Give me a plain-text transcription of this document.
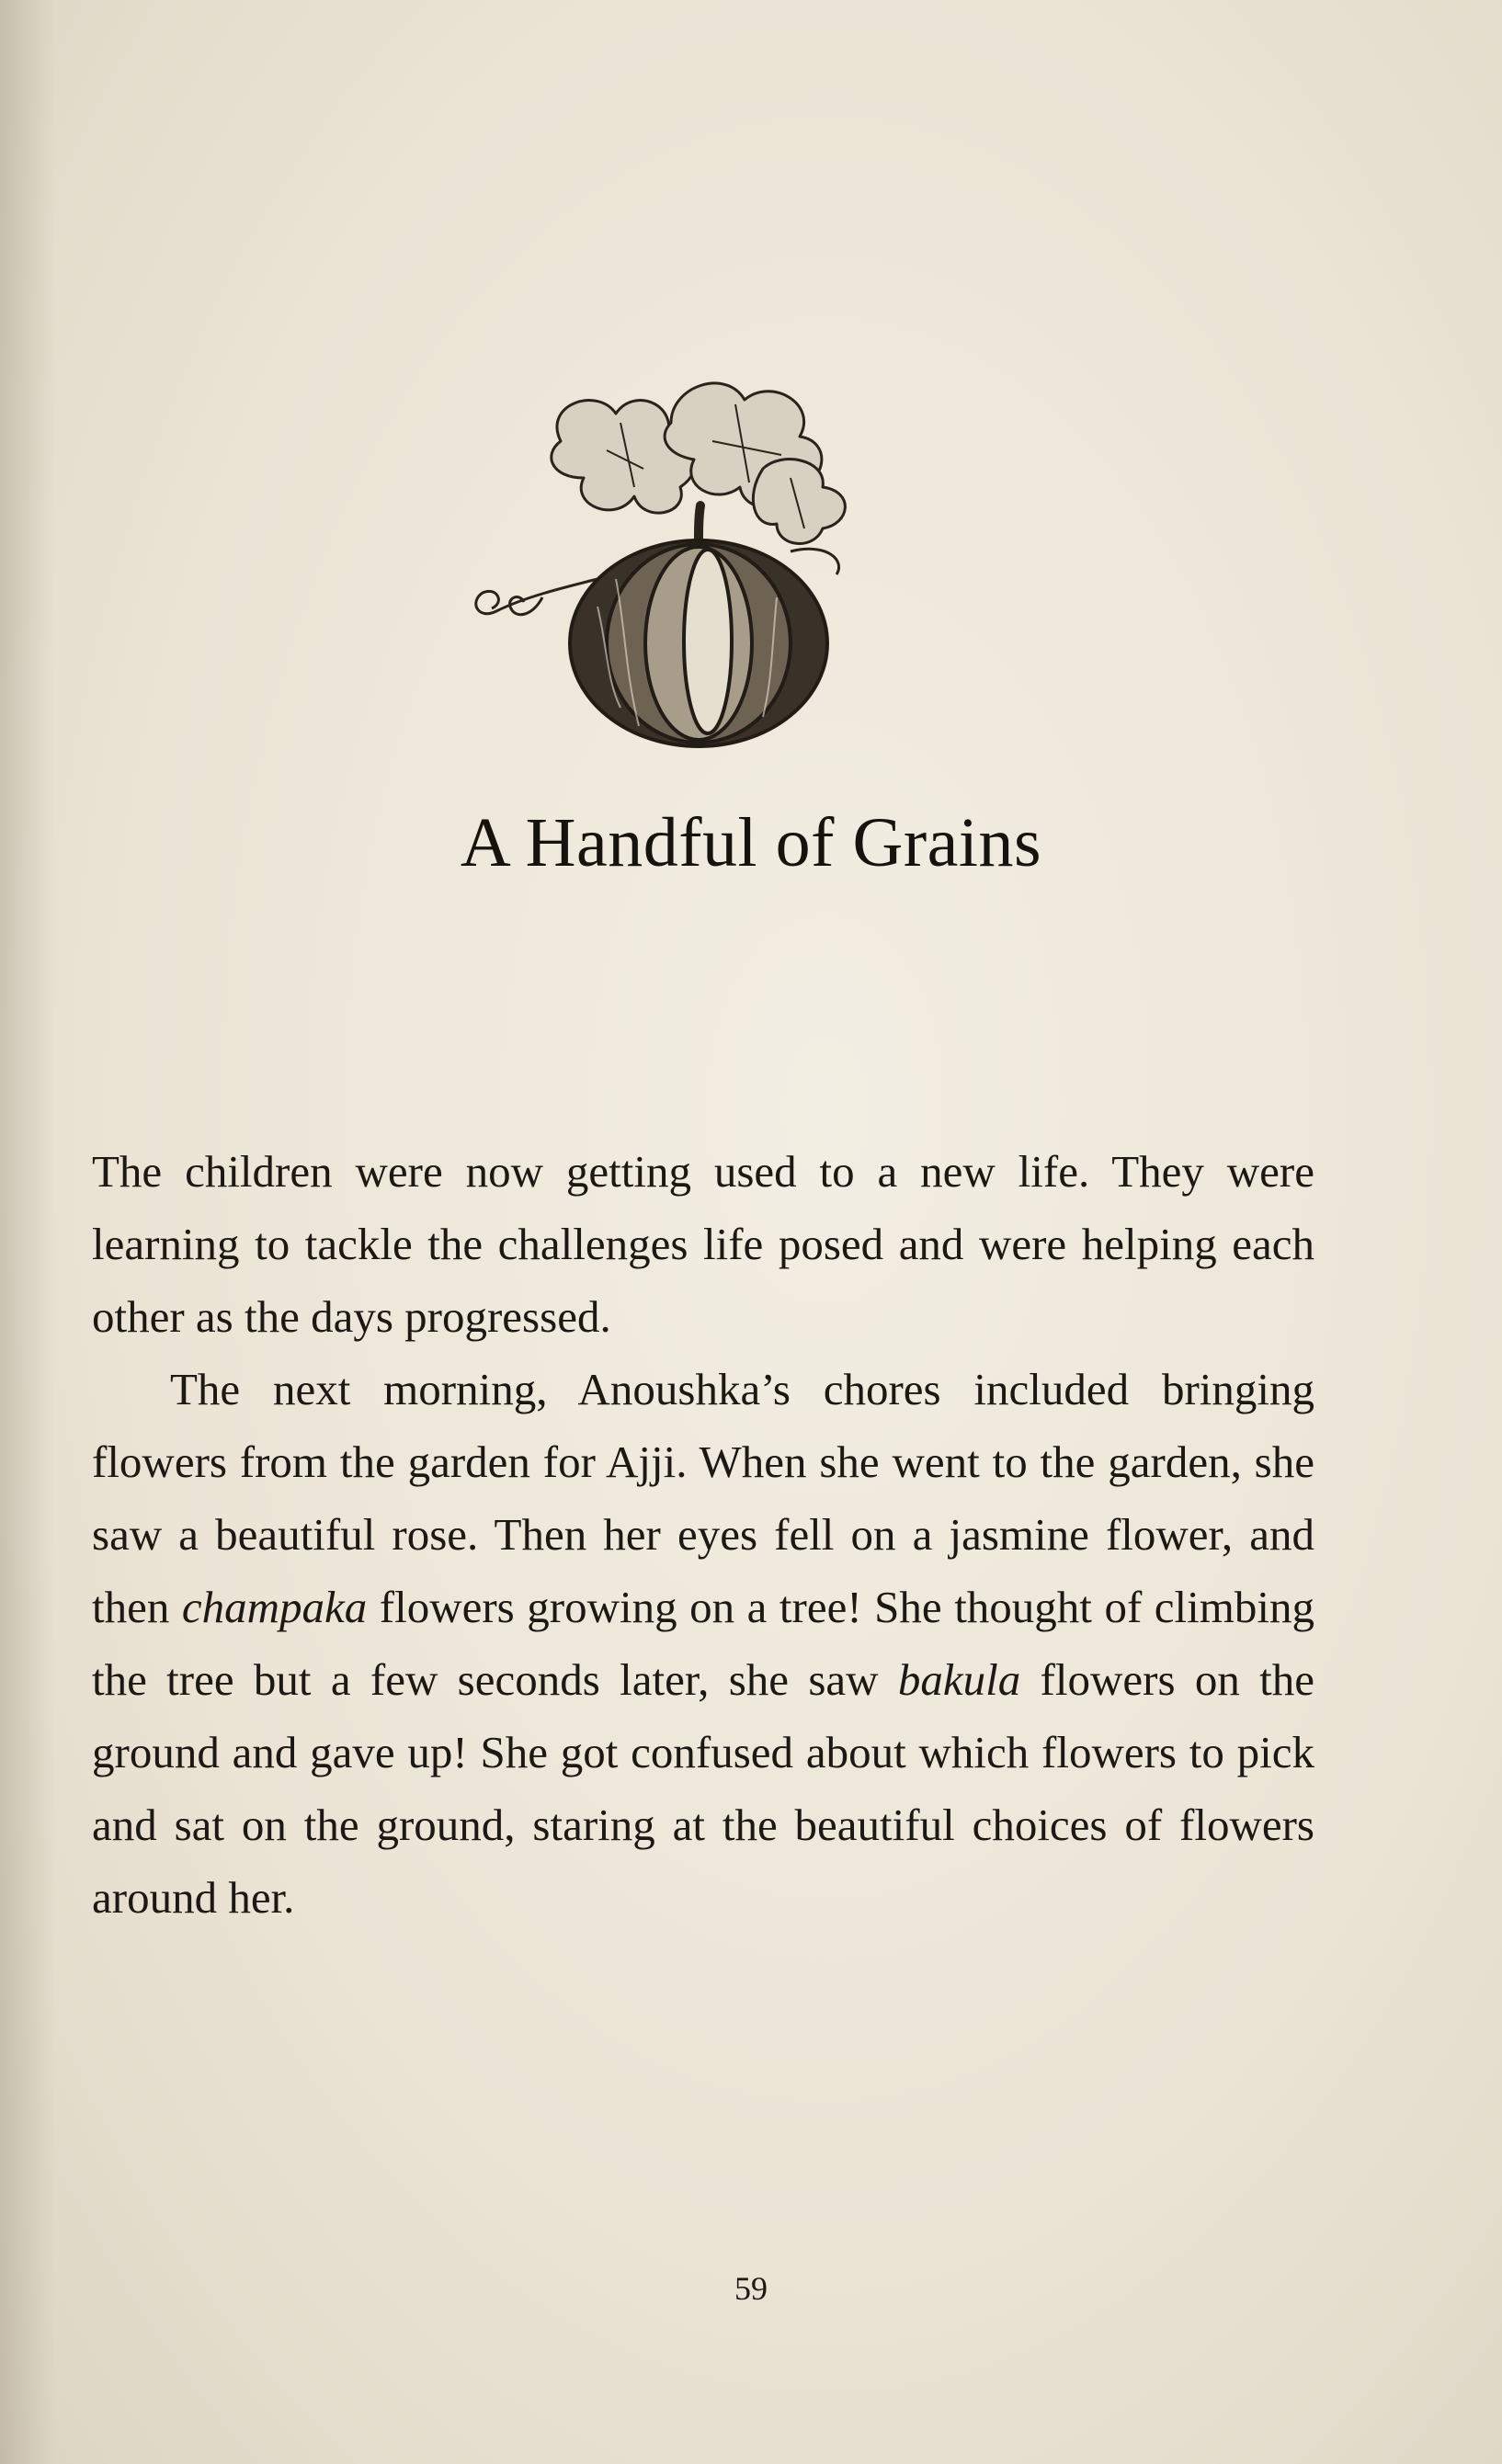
A Handful of Grains

The children were now getting used to a new life. They were learning to tackle the challenges life posed and were helping each other as the days progressed.

The next morning, Anoushka’s chores included bringing flowers from the garden for Ajji. When she went to the garden, she saw a beautiful rose. Then her eyes fell on a jasmine flower, and then champaka flowers growing on a tree! She thought of climbing the tree but a few seconds later, she saw bakula flowers on the ground and gave up! She got confused about which flowers to pick and sat on the ground, staring at the beautiful choices of flowers around her.

59
